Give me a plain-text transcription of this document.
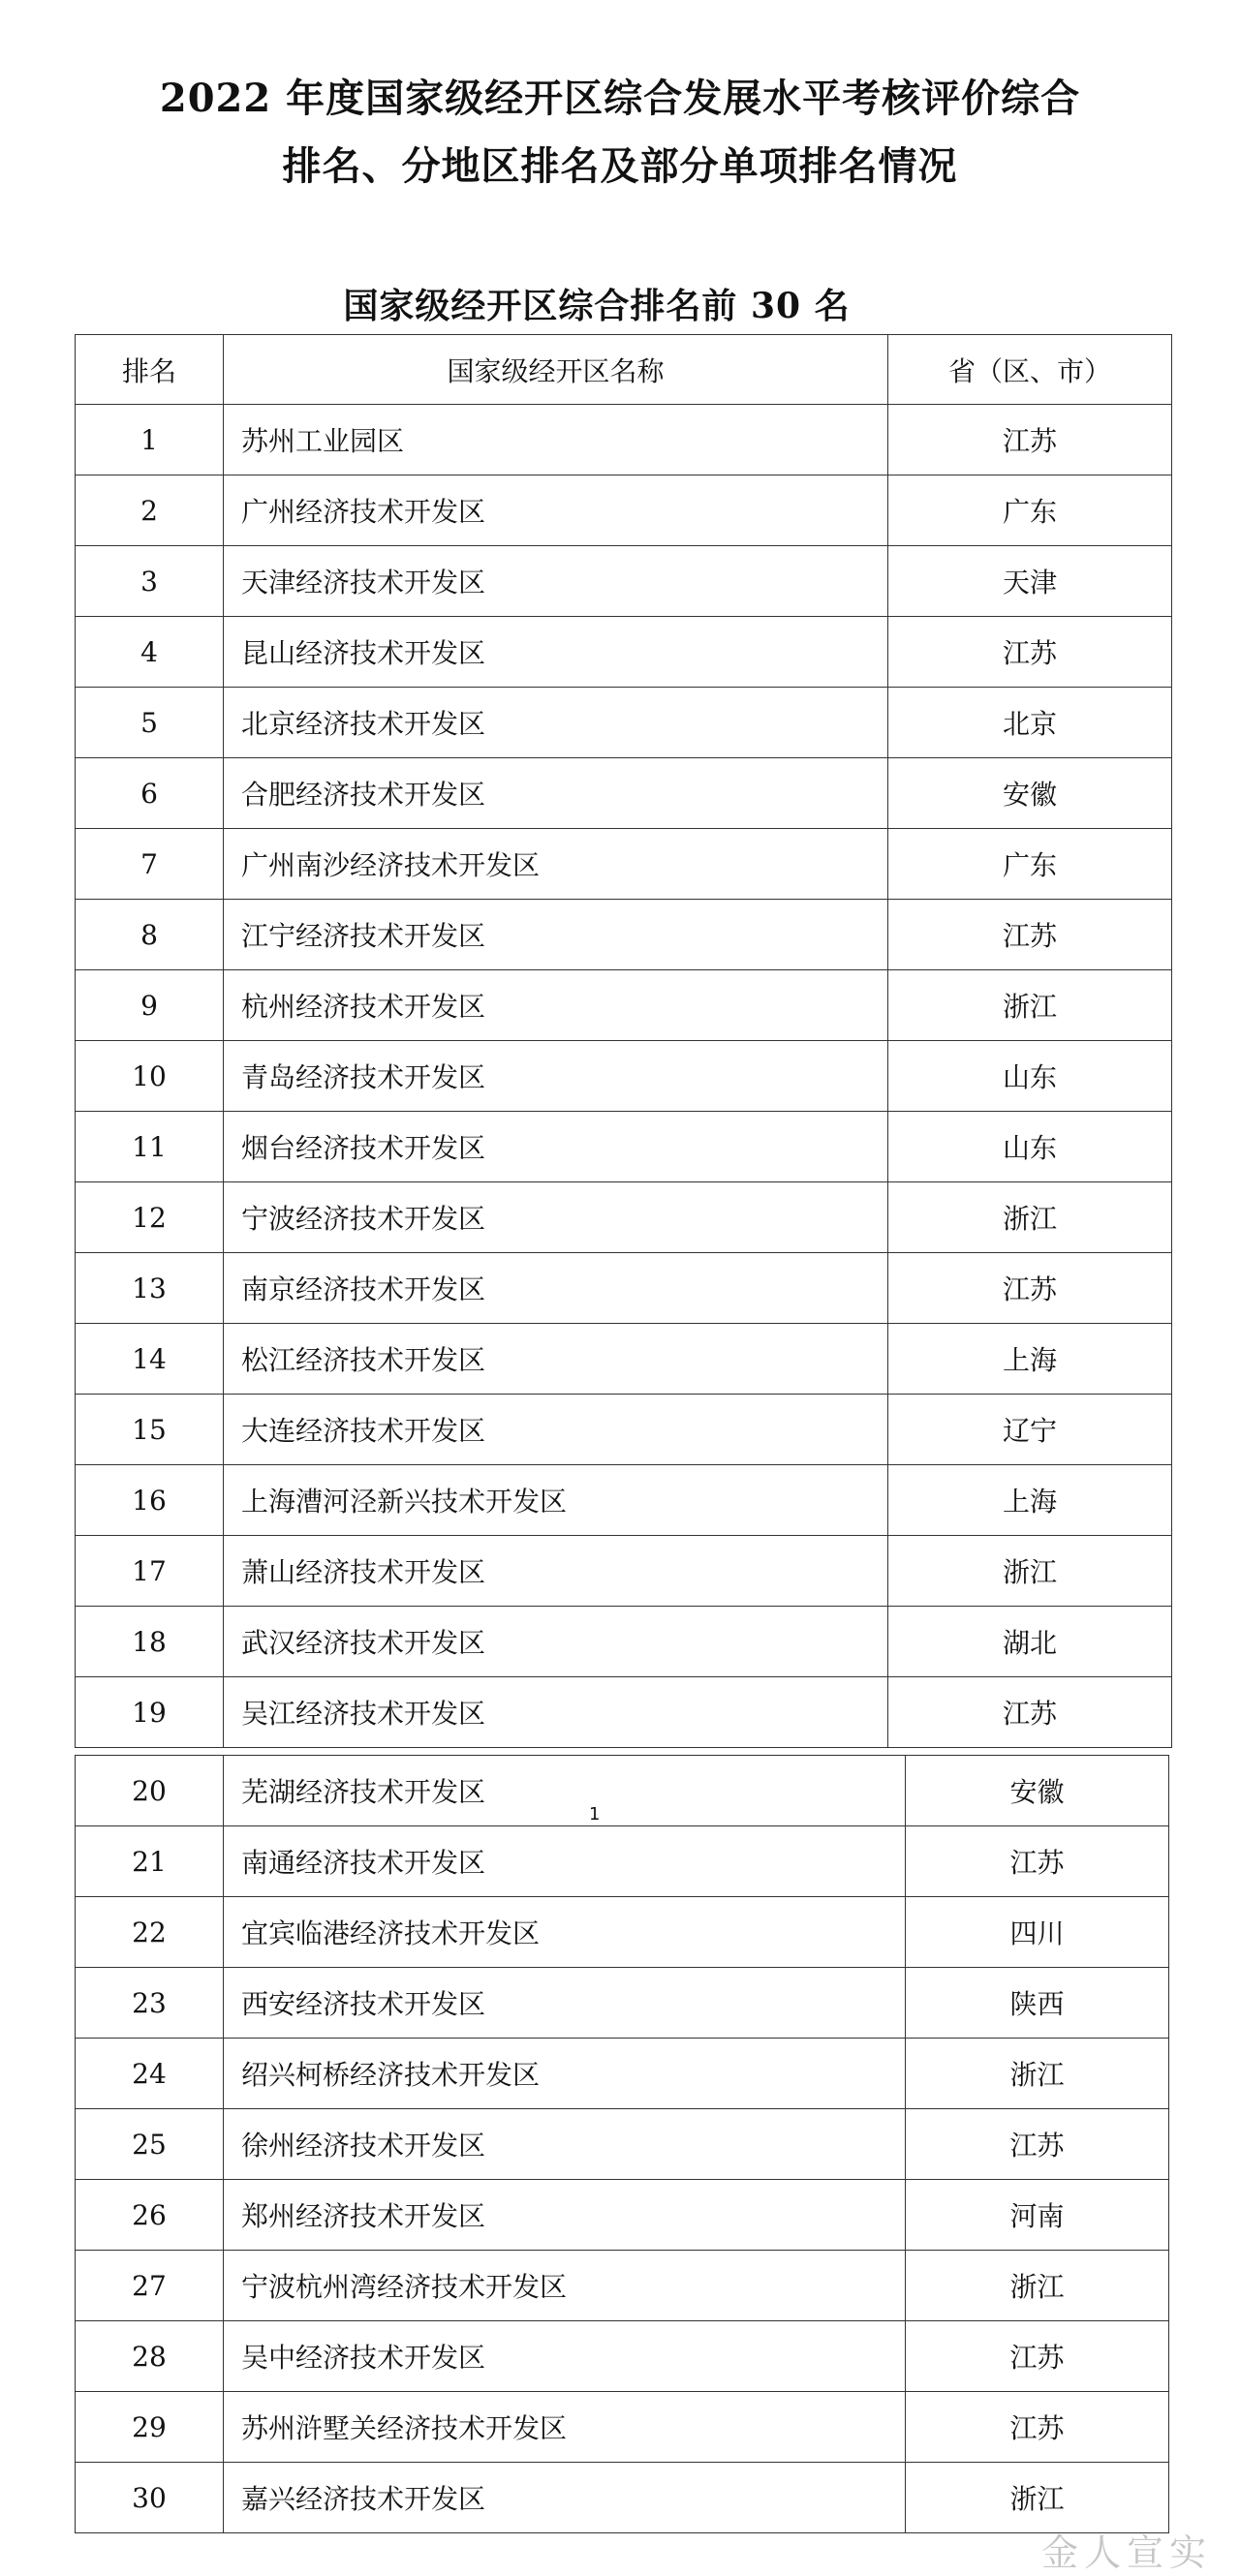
2022 年度国家级经开区综合发展水平考核评价综合
排名、分地区排名及部分单项排名情况
国家级经开区综合排名前 30 名
排名	国家级经开区名称	省（区、市）
1	苏州工业园区	江苏
2	广州经济技术开发区	广东
3	天津经济技术开发区	天津
4	昆山经济技术开发区	江苏
5	北京经济技术开发区	北京
6	合肥经济技术开发区	安徽
7	广州南沙经济技术开发区	广东
8	江宁经济技术开发区	江苏
9	杭州经济技术开发区	浙江
10	青岛经济技术开发区	山东
11	烟台经济技术开发区	山东
12	宁波经济技术开发区	浙江
13	南京经济技术开发区	江苏
14	松江经济技术开发区	上海
15	大连经济技术开发区	辽宁
16	上海漕河泾新兴技术开发区	上海
17	萧山经济技术开发区	浙江
18	武汉经济技术开发区	湖北
19	吴江经济技术开发区	江苏
1
20	芜湖经济技术开发区	安徽
21	南通经济技术开发区	江苏
22	宜宾临港经济技术开发区	四川
23	西安经济技术开发区	陕西
24	绍兴柯桥经济技术开发区	浙江
25	徐州经济技术开发区	江苏
26	郑州经济技术开发区	河南
27	宁波杭州湾经济技术开发区	浙江
28	吴中经济技术开发区	江苏
29	苏州浒墅关经济技术开发区	江苏
30	嘉兴经济技术开发区	浙江
金人宣实
